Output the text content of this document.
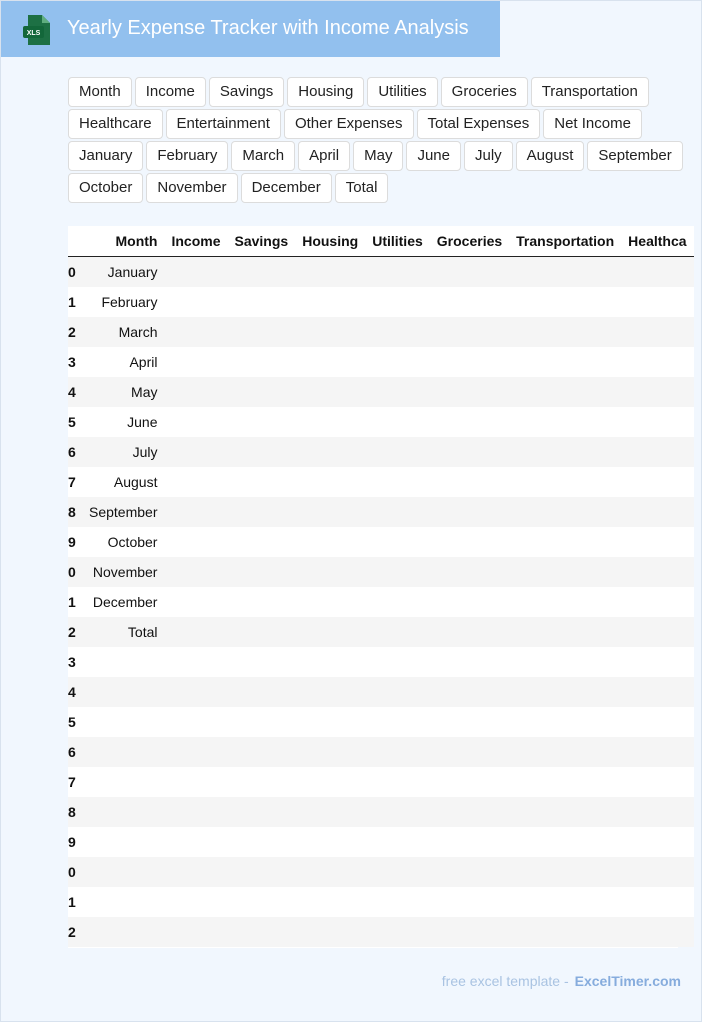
XLS Yearly Expense Tracker with Income Analysis
Month	Income	Savings	Housing	Utilities	Groceries	Transportation
Healthcare	Entertainment	Other Expenses	Total Expenses	Net Income
January	February	March	April	May	June	July	August	September
October	November	December	Total
	Month	Income	Savings	Housing	Utilities	Groceries	Transportation	Healthca
0	January							
1	February							
2	March							
3	April							
4	May							
5	June							
6	July							
7	August							
8	September							
9	October							
0	November							
1	December							
2	Total							
3								
4								
5								
6								
7								
8								
9								
0								
1								
2								
free excel template - ExcelTimer.com
